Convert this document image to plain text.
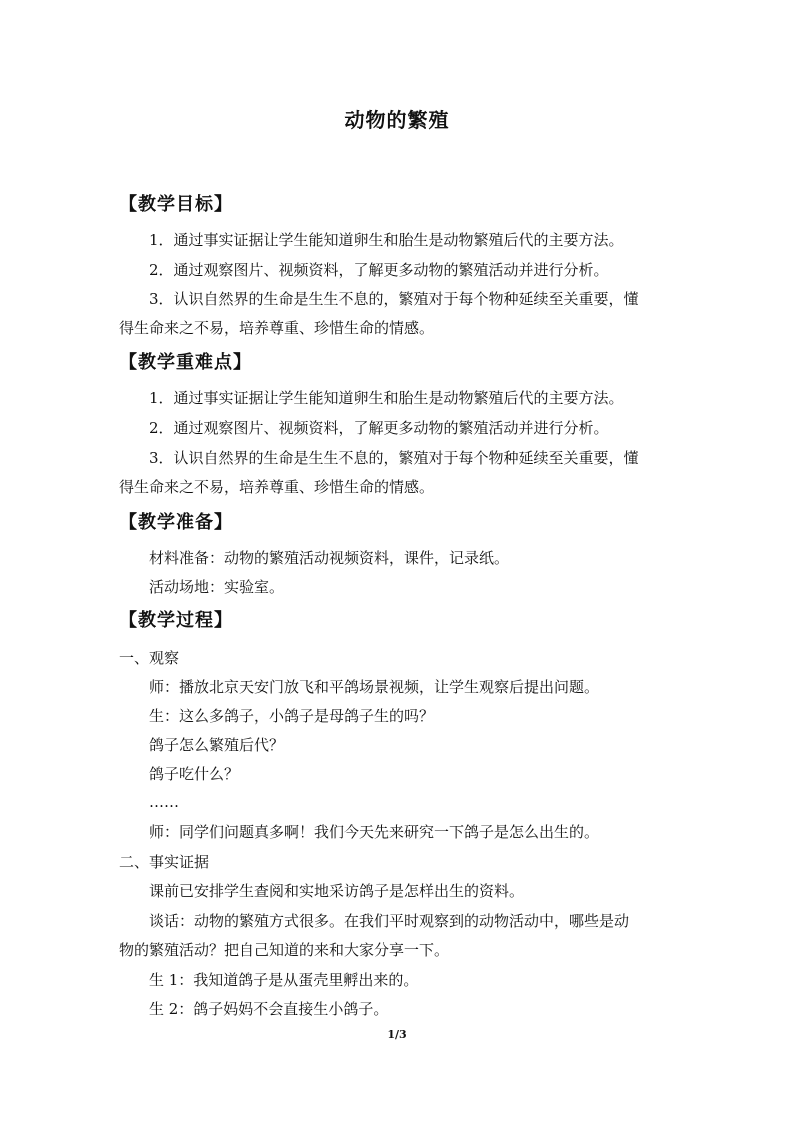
动物的繁殖
【教学目标】
1．通过事实证据让学生能知道卵生和胎生是动物繁殖后代的主要方法。
2．通过观察图片、视频资料，了解更多动物的繁殖活动并进行分析。
3．认识自然界的生命是生生不息的，繁殖对于每个物种延续至关重要，懂
得生命来之不易，培养尊重、珍惜生命的情感。
【教学重难点】
1．通过事实证据让学生能知道卵生和胎生是动物繁殖后代的主要方法。
2．通过观察图片、视频资料，了解更多动物的繁殖活动并进行分析。
3．认识自然界的生命是生生不息的，繁殖对于每个物种延续至关重要，懂
得生命来之不易，培养尊重、珍惜生命的情感。
【教学准备】
材料准备：动物的繁殖活动视频资料，课件，记录纸。
活动场地：实验室。
【教学过程】
一、观察
师：播放北京天安门放飞和平鸽场景视频，让学生观察后提出问题。
生：这么多鸽子，小鸽子是母鸽子生的吗？
鸽子怎么繁殖后代？
鸽子吃什么？
……
师：同学们问题真多啊！我们今天先来研究一下鸽子是怎么出生的。
二、事实证据
课前已安排学生查阅和实地采访鸽子是怎样出生的资料。
谈话：动物的繁殖方式很多。在我们平时观察到的动物活动中，哪些是动
物的繁殖活动？把自己知道的来和大家分享一下。
生 1：我知道鸽子是从蛋壳里孵出来的。
生 2：鸽子妈妈不会直接生小鸽子。
1/3
